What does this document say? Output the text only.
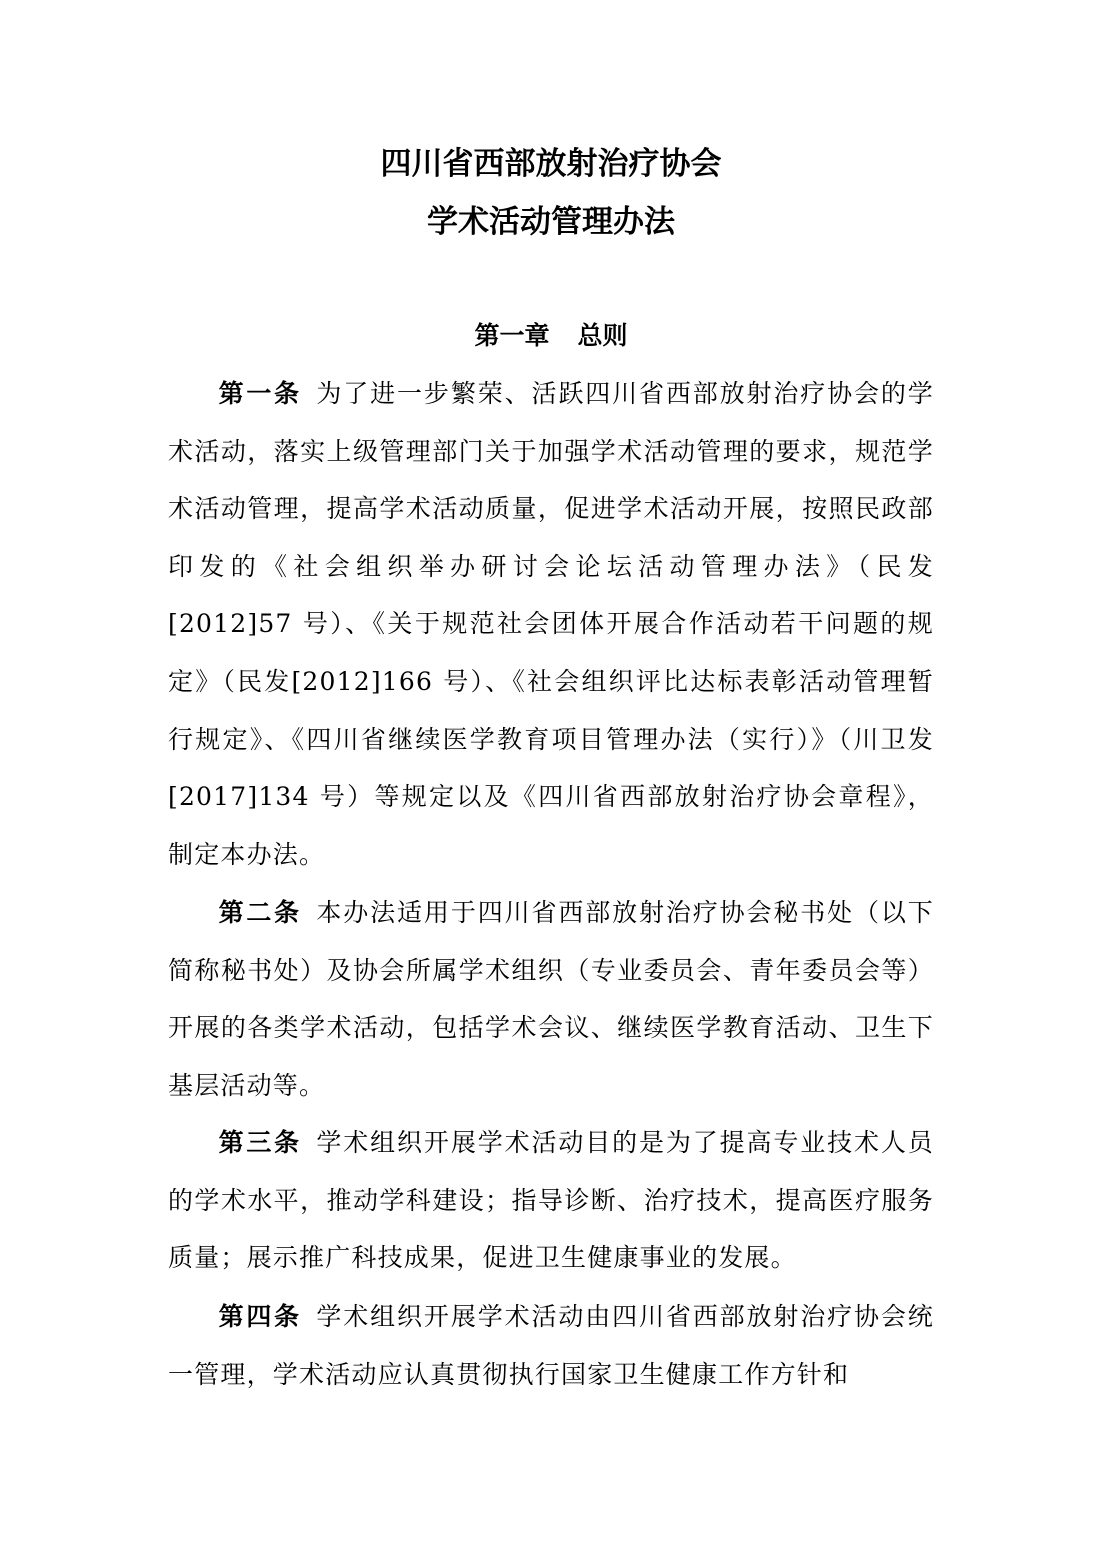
四川省西部放射治疗协会
学术活动管理办法
第一章 总则
第一条 为了进一步繁荣、活跃四川省西部放射治疗协会的学术活动，落实上级管理部门关于加强学术活动管理的要求，规范学术活动管理，提高学术活动质量，促进学术活动开展，按照民政部印发的《社会组织举办研讨会论坛活动管理办法》（民发[2012]57 号）、《关于规范社会团体开展合作活动若干问题的规定》（民发[2012]166 号）、《社会组织评比达标表彰活动管理暂行规定》、《四川省继续医学教育项目管理办法（实行）》（川卫发[2017]134 号）等规定以及《四川省西部放射治疗协会章程》，制定本办法。
第二条 本办法适用于四川省西部放射治疗协会秘书处（以下简称秘书处）及协会所属学术组织（专业委员会、青年委员会等）开展的各类学术活动，包括学术会议、继续医学教育活动、卫生下基层活动等。
第三条 学术组织开展学术活动目的是为了提高专业技术人员的学术水平，推动学科建设；指导诊断、治疗技术，提高医疗服务质量；展示推广科技成果，促进卫生健康事业的发展。
第四条 学术组织开展学术活动由四川省西部放射治疗协会统一管理，学术活动应认真贯彻执行国家卫生健康工作方针和
